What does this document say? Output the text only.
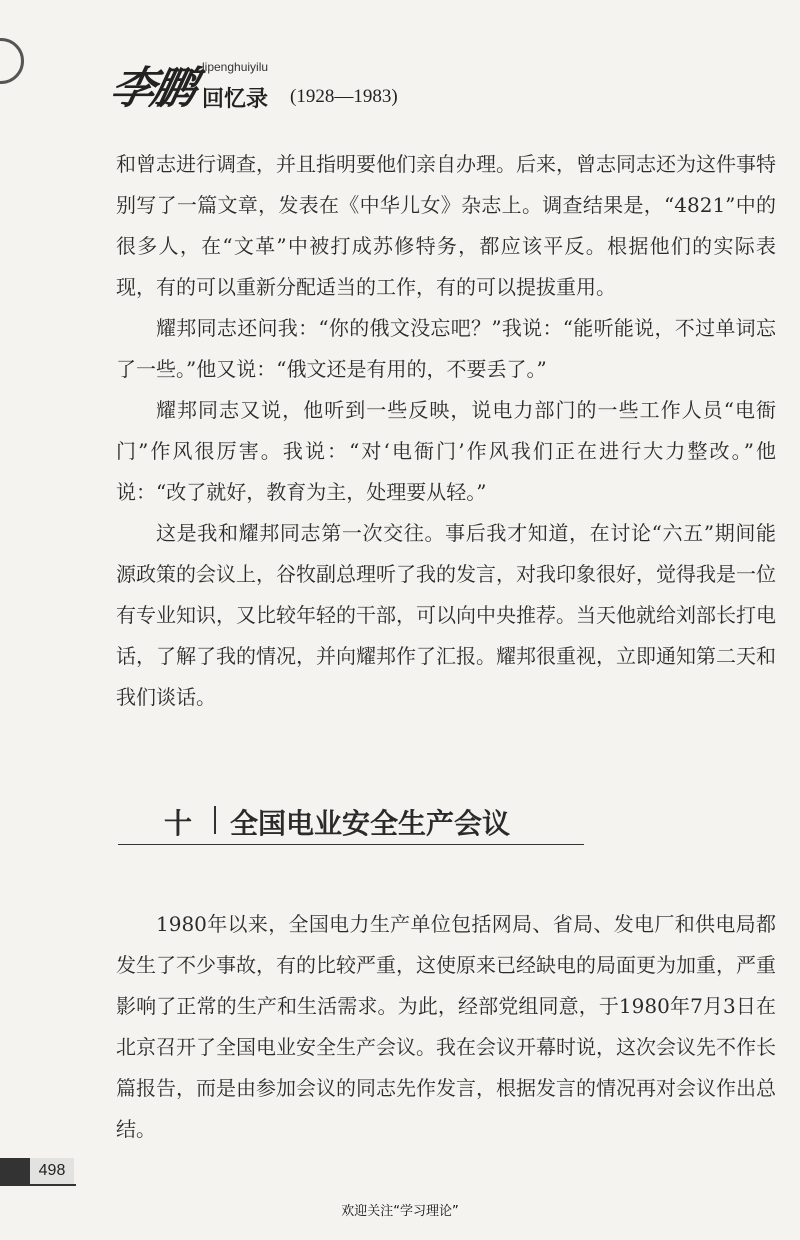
李鹏 lipenghuiyilu
回忆录 (1928—1983)

和曾志进行调查，并且指明要他们亲自办理。后来，曾志同志还为这件事特别写了一篇文章，发表在《中华儿女》杂志上。调查结果是，“4821”中的很多人，在“文革”中被打成苏修特务，都应该平反。根据他们的实际表现，有的可以重新分配适当的工作，有的可以提拔重用。

耀邦同志还问我：“你的俄文没忘吧？”我说：“能听能说，不过单词忘了一些。”他又说：“俄文还是有用的，不要丢了。”

耀邦同志又说，他听到一些反映，说电力部门的一些工作人员“电衙门”作风很厉害。我说：“对‘电衙门’作风我们正在进行大力整改。”他说：“改了就好，教育为主，处理要从轻。”

这是我和耀邦同志第一次交往。事后我才知道，在讨论“六五”期间能源政策的会议上，谷牧副总理听了我的发言，对我印象很好，觉得我是一位有专业知识，又比较年轻的干部，可以向中央推荐。当天他就给刘部长打电话，了解了我的情况，并向耀邦作了汇报。耀邦很重视，立即通知第二天和我们谈话。

十 全国电业安全生产会议

1980年以来，全国电力生产单位包括网局、省局、发电厂和供电局都发生了不少事故，有的比较严重，这使原来已经缺电的局面更为加重，严重影响了正常的生产和生活需求。为此，经部党组同意，于1980年7月3日在北京召开了全国电业安全生产会议。我在会议开幕时说，这次会议先不作长篇报告，而是由参加会议的同志先作发言，根据发言的情况再对会议作出总结。

498
欢迎关注“学习理论”
